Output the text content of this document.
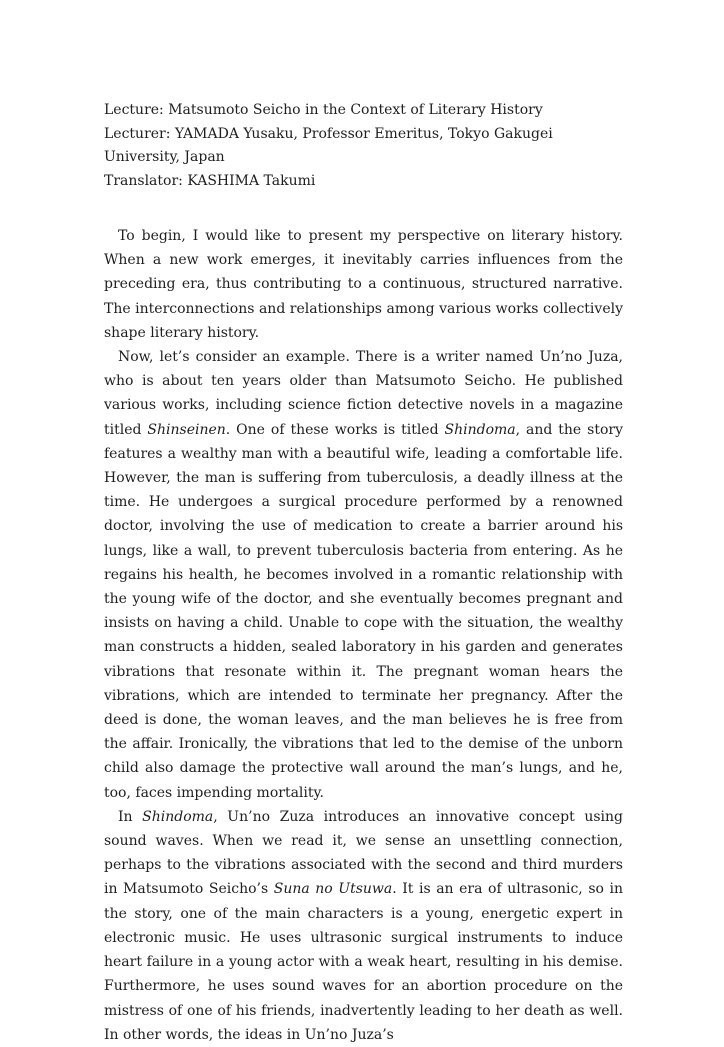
Lecture: Matsumoto Seicho in the Context of Literary History
Lecturer: YAMADA Yusaku, Professor Emeritus, Tokyo Gakugei University, Japan
Translator: KASHIMA Takumi

To begin, I would like to present my perspective on literary history. When a new work emerges, it inevitably carries influences from the preceding era, thus contributing to a continuous, structured narrative. The interconnections and relationships among various works collectively shape literary history.

Now, let’s consider an example. There is a writer named Un’no Juza, who is about ten years older than Matsumoto Seicho. He published various works, including science fiction detective novels in a magazine titled Shinseinen. One of these works is titled Shindoma, and the story features a wealthy man with a beautiful wife, leading a comfortable life. However, the man is suffering from tuberculosis, a deadly illness at the time. He undergoes a surgical procedure performed by a renowned doctor, involving the use of medication to create a barrier around his lungs, like a wall, to prevent tuberculosis bacteria from entering. As he regains his health, he becomes involved in a romantic relationship with the young wife of the doctor, and she eventually becomes pregnant and insists on having a child. Unable to cope with the situation, the wealthy man constructs a hidden, sealed laboratory in his garden and generates vibrations that resonate within it. The pregnant woman hears the vibrations, which are intended to terminate her pregnancy. After the deed is done, the woman leaves, and the man believes he is free from the affair. Ironically, the vibrations that led to the demise of the unborn child also damage the protective wall around the man’s lungs, and he, too, faces impending mortality.

In Shindoma, Un’no Zuza introduces an innovative concept using sound waves. When we read it, we sense an unsettling connection, perhaps to the vibrations associated with the second and third murders in Matsumoto Seicho’s Suna no Utsuwa. It is an era of ultrasonic, so in the story, one of the main characters is a young, energetic expert in electronic music. He uses ultrasonic surgical instruments to induce heart failure in a young actor with a weak heart, resulting in his demise. Furthermore, he uses sound waves for an abortion procedure on the mistress of one of his friends, inadvertently leading to her death as well. In other words, the ideas in Un’no Juza’s
